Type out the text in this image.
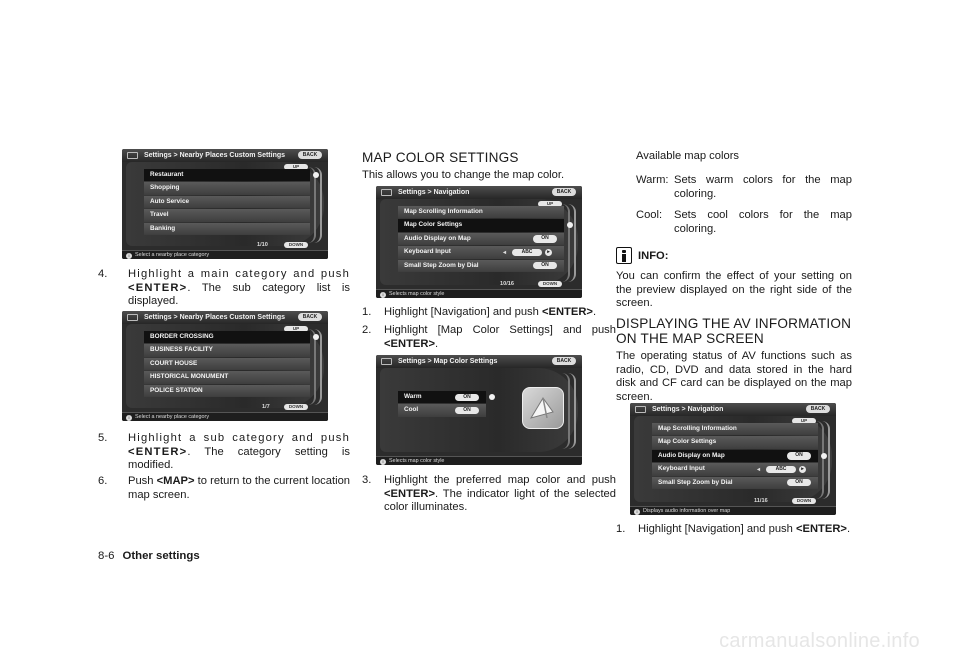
Settings > Nearby Places Custom Settings	BACK
UP
Restaurant
Shopping
Auto Service
Travel
Banking
1/10	DOWN
i	Select a nearby place category
4.	Highlight a main category and push <ENTER>. The sub category list is displayed.
Settings > Nearby Places Custom Settings	BACK
UP
BORDER CROSSING
BUSINESS FACILITY
COURT HOUSE
HISTORICAL MONUMENT
POLICE STATION
1/7	DOWN
i	Select a nearby place category
5.	Highlight a sub category and push <ENTER>. The category setting is modified.
6.	Push <MAP> to return to the current location map screen.
MAP COLOR SETTINGS

This allows you to change the map color.

Settings > Navigation	BACK
UP
Map Scrolling Information
Map Color Settings
Audio Display on Map	ON
Keyboard Input	◂	ABC	▸
Small Step Zoom by Dial	ON
10/16	DOWN
i	Selects map color style
1.	Highlight [Navigation] and push <ENTER>.
2.	Highlight [Map Color Settings] and push <ENTER>.
Settings > Map Color Settings	BACK
Warm	ON
Cool	ON
i	Selects map color style
3.	Highlight the preferred map color and push <ENTER>. The indicator light of the selected color illuminates.

Available map colors

Warm: Sets warm colors for the map coloring.
Cool:	Sets cool colors for the map coloring.
INFO:

You can confirm the effect of your setting on the preview displayed on the right side of the screen.

DISPLAYING THE AV INFORMATION ON THE MAP SCREEN

The operating status of AV functions such as radio, CD, DVD and data stored in the hard disk and CF card can be displayed on the map screen.

Settings > Navigation	BACK
UP
Map Scrolling Information
Map Color Settings
Audio Display on Map	ON
Keyboard Input	◂	ABC	▸
Small Step Zoom by Dial	ON
11/16	DOWN
i	Displays audio information over map
1.	Highlight [Navigation] and push <ENTER>.
8-6 Other settings
carmanualsonline.info
